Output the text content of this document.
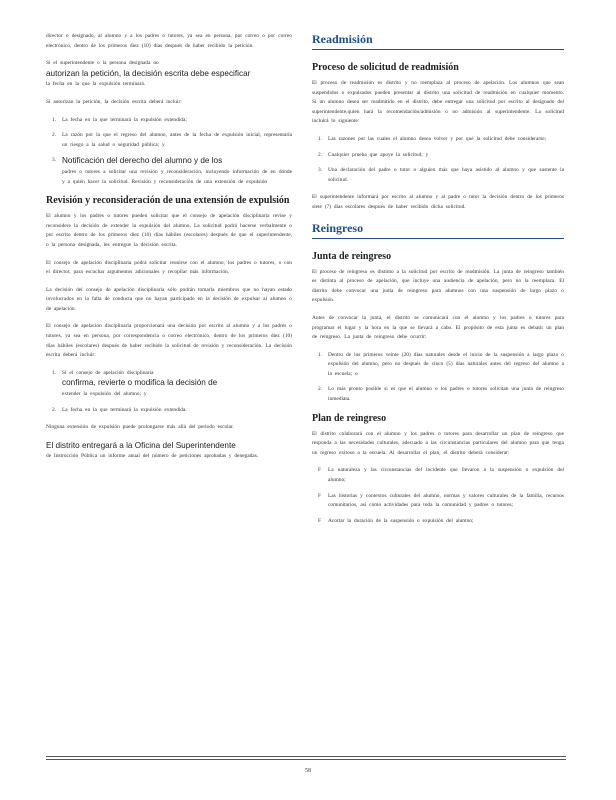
director o designado, al alumno y a los padres o tutores, ya sea en persona, por correo o por correo electrónico, dentro de los primeros diez (10) días después de haber recibido la petición.
Si el superintendente o la persona designada no
autorizan la petición, la decisión escrita debe especificar
la fecha en la que la expulsión terminará.
Si autorizan la petición, la decisión escrita deberá incluir:
1.	La fecha en la que terminará la expulsión extendida;
2.	La razón por la que el regreso del alumno, antes de la fecha de expulsión inicial, representaría un riesgo a la salud o seguridad pública; y
3. Notificación del derecho del alumno y de los
padres o tutores a solicitar una revisión y reconsideración, incluyendo información de en dónde y a quién hacer la solicitud. Revisión y reconsideración de una extensión de expulsión
Revisión y reconsideración de una extensión de expulsión
El alumno y los padres o tutores pueden solicitar que el consejo de apelación disciplinaria revise y reconsidere la decisión de extender la expulsión del alumno. La solicitud podrá hacerse verbalmente o por escrito dentro de los primeros diez (10) días hábiles (escolares) después de que el superintendente, o la persona designada, les entregue la decisión escrita.
El consejo de apelación disciplinaria podrá solicitar reunirse con el alumno, los padres o tutores, o con el director, para escuchar argumentos adicionales y recopilar más información.
La decisión del consejo de apelación disciplinaria sólo podrán tomarla miembros que no hayan estado involucrados en la falta de conducta que no hayan participado en la decisión de expulsar al alumno o de apelación.
El consejo de apelación disciplinaria proporcionará una decisión por escrito al alumno y a los padres o tutores, ya sea en persona, por correspondencia o correo electrónico, dentro de los primeros diez (10) días hábiles (escolares) después de haber recibido la solicitud de revisión y reconsideración. La decisión escrita deberá incluir:
1.	Si el consejo de apelación disciplinaria
confirma, revierte o modifica la decisión de
extender la expulsión del alumno; y
2.	La fecha en la que terminará la expulsión extendida.
Ninguna extensión de expulsión puede prolongarse más allá del periodo escolar.
El distrito entregará a la Oficina del Superintendente
de Instrucción Pública un informe anual del número de peticiones aprobadas y denegadas.
Readmisión
Proceso de solicitud de readmisión
El proceso de readmisión es distrito y no reemplaza al proceso de apelación. Los alumnos que sean suspendidos o expulsados pueden presentar al distrito una solicitud de readmisión en cualquier momento. Si un alumno desea ser readmitido en el distrito, debe entregar una solicitud por escrito al designado del superintendente,quien hará la recomendación/admisión o no admisión al superintendente. La solicitud incluirá lo siguiente:
1.	Las razones por las cuales el alumno desea volver y por qué la solicitud debe considerarse;
2.	Cualquier prueba que apoye la solicitud; y
3.	Una declaración del padre o tutor o alguien más que haya asistido al alumno y que sustente la solicitud.
El superintendente informará por escrito al alumno y al padre o tutor la decisión dentro de los primeros siete (7) días escolares después de haber recibido dicha solicitud.
Reingreso
Junta de reingreso
El proceso de reingreso es distinto a la solicitud por escrito de readmisión. La junta de reingreso también es distinta al proceso de apelación, que incluye una audiencia de apelación, pero no la reemplaza. El distrito debe convocar una junta de reingreso para alumnos con una suspensión de largo plazo o expulsión.
Antes de convocar la junta, el distrito se comunicará con el alumno y los padres o tutores para programar el lugar y la hora en la que se llevará a cabo. El propósito de esta junta es debatir un plan de reingreso. La junta de reingreso debe ocurrir:
1.	Dentro de los primeros veinte (20) días naturales desde el inicio de la suspensión a largo plazo o expulsión del alumno, pero no después de cinco (5) días naturales antes del regreso del alumno a la escuela; o
2.	Lo más pronto posible si es que el alumno o los padres o tutores solicitan una junta de reingreso inmediata.
Plan de reingreso
El distrito colaborará con el alumno y los padres o tutores para desarrollar un plan de reingreso que responda a las necesidades culturales, adecuado a las circunstancias particulares del alumno para que tenga un regreso exitoso a la escuela. Al desarrollar el plan, el distrito deberá considerar:
F	La naturaleza y las circunstancias del incidente que llevaron a la suspensión o expulsión del alumno;
F	Las historias y contextos culturales del alumno, normas y valores culturales de la familia, recursos comunitarios, así como actividades para toda la comunidad y padres o tutores;
F	Acortar la duración de la suspensión o expulsión del alumno;
58
